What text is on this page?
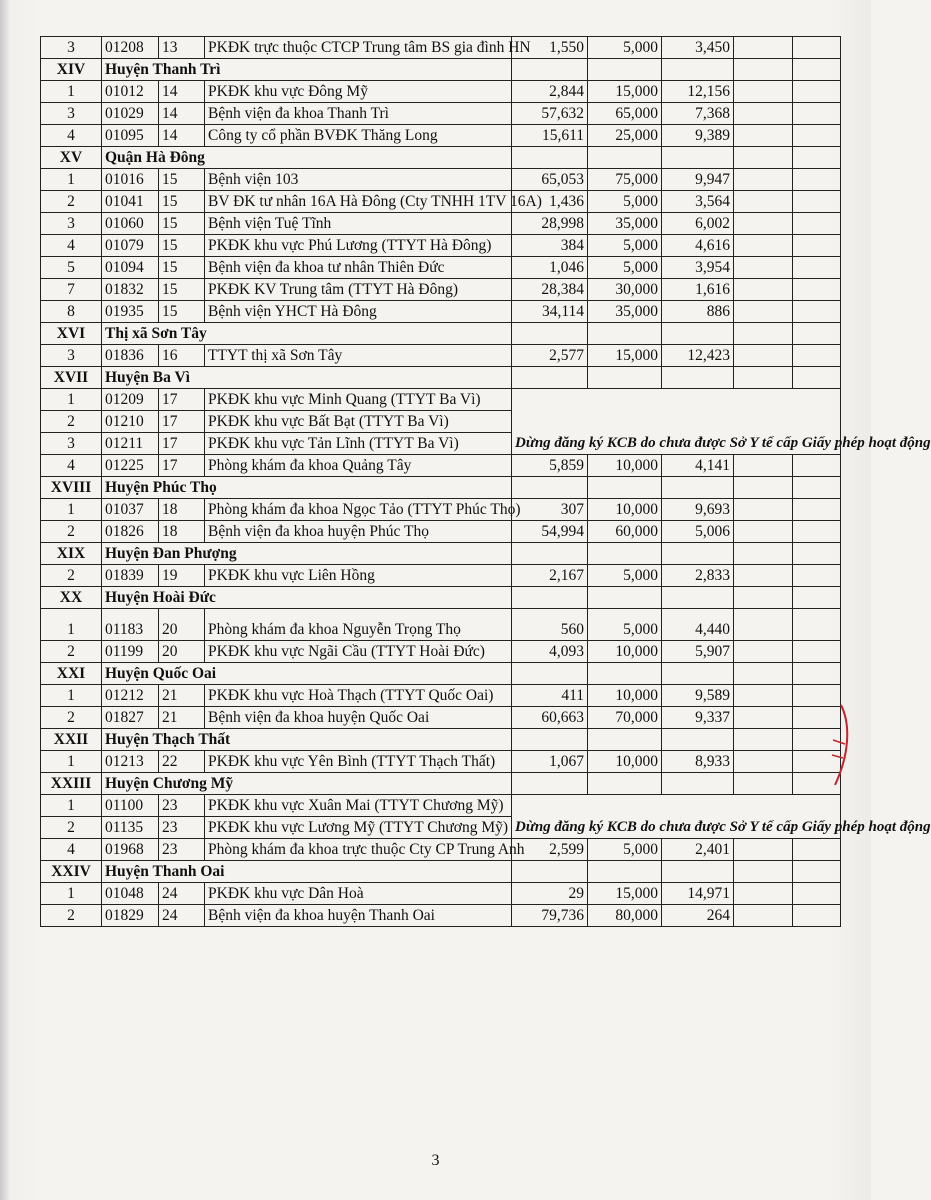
3	01208	13	PKĐK trực thuộc CTCP Trung tâm BS gia đình HN	1,550	5,000	3,450		
XIV	Huyện Thanh Trì							
1	01012	14	PKĐK khu vực Đông Mỹ	2,844	15,000	12,156		
3	01029	14	Bệnh viện đa khoa Thanh Trì	57,632	65,000	7,368		
4	01095	14	Công ty cổ phần BVĐK Thăng Long	15,611	25,000	9,389		
XV	Quận Hà Đông							
1	01016	15	Bệnh viện 103	65,053	75,000	9,947		
2	01041	15	BV ĐK tư nhân 16A Hà Đông (Cty TNHH 1TV 16A)	1,436	5,000	3,564		
3	01060	15	Bệnh viện Tuệ Tĩnh	28,998	35,000	6,002		
4	01079	15	PKĐK khu vực Phú Lương (TTYT Hà Đông)	384	5,000	4,616		
5	01094	15	Bệnh viện đa khoa tư nhân Thiên Đức	1,046	5,000	3,954		
7	01832	15	PKĐK KV Trung tâm (TTYT Hà Đông)	28,384	30,000	1,616		
8	01935	15	Bệnh viện YHCT Hà Đông	34,114	35,000	886		
XVI	Thị xã Sơn Tây							
3	01836	16	TTYT thị xã Sơn Tây	2,577	15,000	12,423		
XVII	Huyện Ba Vì							
1	01209	17	PKĐK khu vực Minh Quang (TTYT Ba Vì)	Dừng đăng ký KCB do chưa được Sở Y tế cấp Giấy phép hoạt động				
2	01210	17	PKĐK khu vực Bất Bạt (TTYT Ba Vì)					
3	01211	17	PKĐK khu vực Tản Lĩnh (TTYT Ba Vì)					
4	01225	17	Phòng khám đa khoa Quảng Tây	5,859	10,000	4,141		
XVIII	Huyện Phúc Thọ							
1	01037	18	Phòng khám đa khoa Ngọc Tảo (TTYT Phúc Thọ)	307	10,000	9,693		
2	01826	18	Bệnh viện đa khoa huyện Phúc Thọ	54,994	60,000	5,006		
XIX	Huyện Đan Phượng							
2	01839	19	PKĐK khu vực Liên Hồng	2,167	5,000	2,833		
XX	Huyện Hoài Đức							
1	01183	20	Phòng khám đa khoa Nguyễn Trọng Thọ	560	5,000	4,440		
2	01199	20	PKĐK khu vực Ngãi Cầu (TTYT Hoài Đức)	4,093	10,000	5,907		
XXI	Huyện Quốc Oai							
1	01212	21	PKĐK khu vực Hoà Thạch (TTYT Quốc Oai)	411	10,000	9,589		
2	01827	21	Bệnh viện đa khoa huyện Quốc Oai	60,663	70,000	9,337		
XXII	Huyện Thạch Thất							
1	01213	22	PKĐK khu vực Yên Bình (TTYT Thạch Thất)	1,067	10,000	8,933		
XXIII	Huyện Chương Mỹ							
1	01100	23	PKĐK khu vực Xuân Mai (TTYT Chương Mỹ)	Dừng đăng ký KCB do chưa được Sở Y tế cấp Giấy phép hoạt động				
2	01135	23	PKĐK khu vực Lương Mỹ (TTYT Chương Mỹ)					
4	01968	23	Phòng khám đa khoa trực thuộc Cty CP Trung Anh	2,599	5,000	2,401		
XXIV	Huyện Thanh Oai							
1	01048	24	PKĐK khu vực Dân Hoà	29	15,000	14,971		
2	01829	24	Bệnh viện đa khoa huyện Thanh Oai	79,736	80,000	264		
3
